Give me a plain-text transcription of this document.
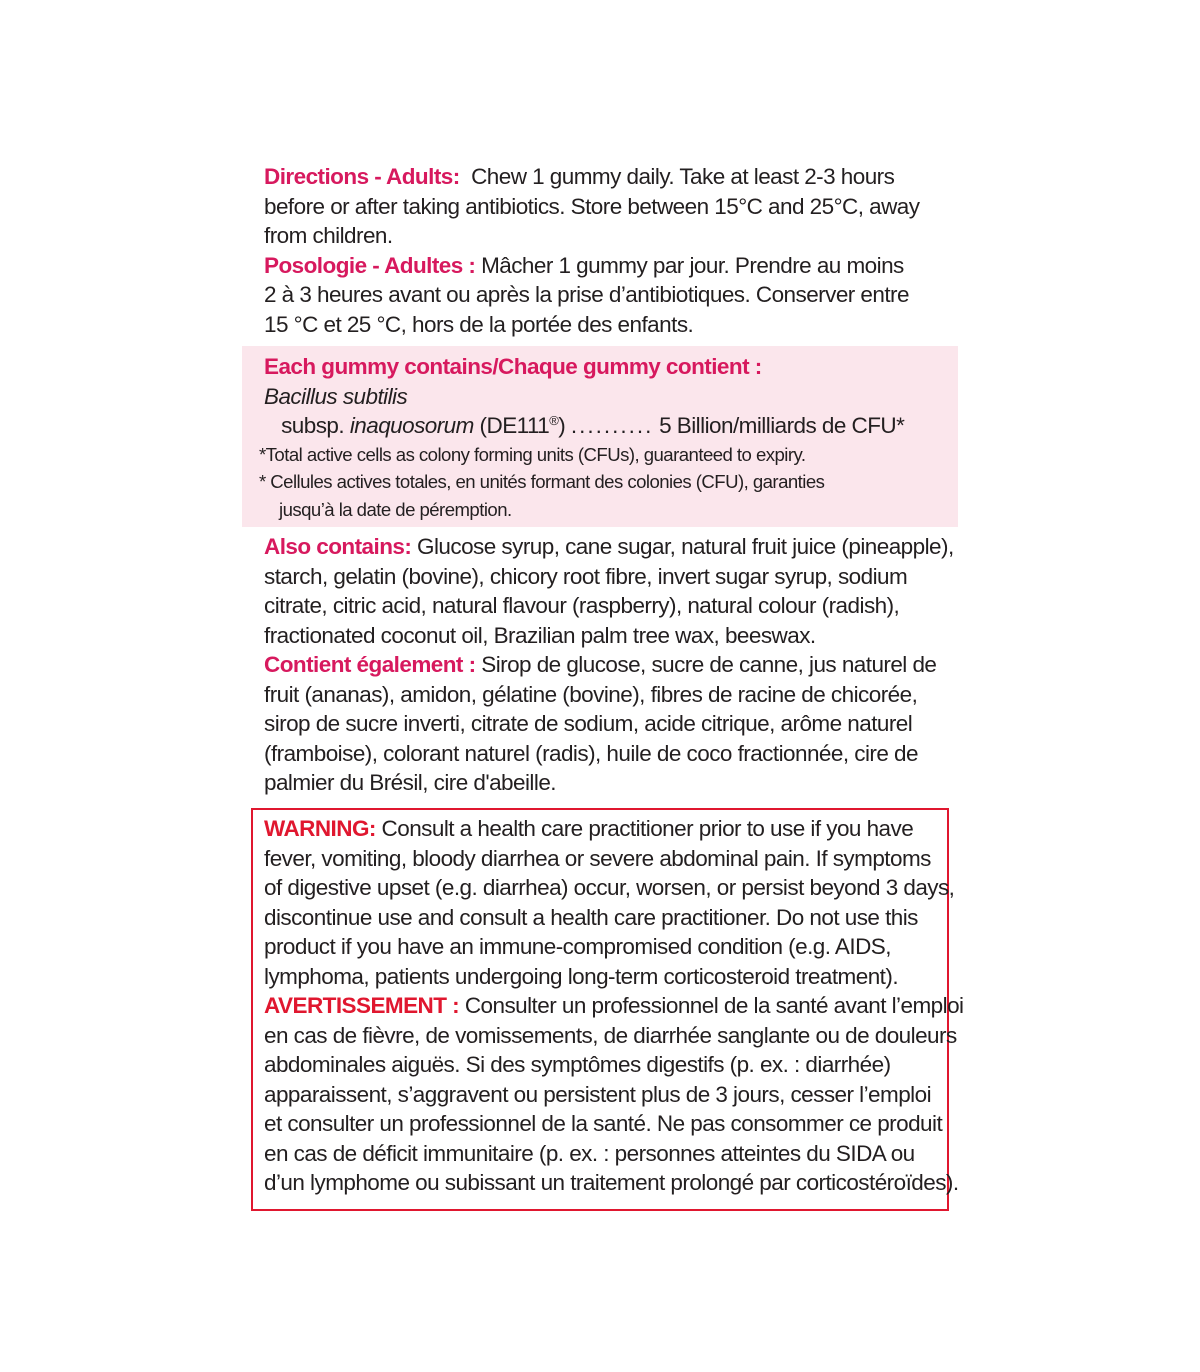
Directions - Adults: Chew 1 gummy daily. Take at least 2-3 hours
before or after taking antibiotics. Store between 15°C and 25°C, away
from children.
Posologie - Adultes : Mâcher 1 gummy par jour. Prendre au moins
2 à 3 heures avant ou après la prise d’antibiotiques. Conserver entre
15 °C et 25 °C, hors de la portée des enfants.
Each gummy contains/Chaque gummy contient :
Bacillus subtilis
subsp. inaquosorum (DE111®) .......... 5 Billion/milliards de CFU*
*Total active cells as colony forming units (CFUs), guaranteed to expiry.
* Cellules actives totales, en unités formant des colonies (CFU), garanties
jusqu’à la date de péremption.
Also contains: Glucose syrup, cane sugar, natural fruit juice (pineapple),
starch, gelatin (bovine), chicory root fibre, invert sugar syrup, sodium
citrate, citric acid, natural flavour (raspberry), natural colour (radish),
fractionated coconut oil, Brazilian palm tree wax, beeswax.
Contient également : Sirop de glucose, sucre de canne, jus naturel de
fruit (ananas), amidon, gélatine (bovine), fibres de racine de chicorée,
sirop de sucre inverti, citrate de sodium, acide citrique, arôme naturel
(framboise), colorant naturel (radis), huile de coco fractionnée, cire de
palmier du Brésil, cire d'abeille.
WARNING: Consult a health care practitioner prior to use if you have
fever, vomiting, bloody diarrhea or severe abdominal pain. If symptoms
of digestive upset (e.g. diarrhea) occur, worsen, or persist beyond 3 days,
discontinue use and consult a health care practitioner. Do not use this
product if you have an immune-compromised condition (e.g. AIDS,
lymphoma, patients undergoing long-term corticosteroid treatment).
AVERTISSEMENT : Consulter un professionnel de la santé avant l’emploi
en cas de fièvre, de vomissements, de diarrhée sanglante ou de douleurs
abdominales aiguës. Si des symptômes digestifs (p. ex. : diarrhée)
apparaissent, s’aggravent ou persistent plus de 3 jours, cesser l’emploi
et consulter un professionnel de la santé. Ne pas consommer ce produit
en cas de déficit immunitaire (p. ex. : personnes atteintes du SIDA ou
d’un lymphome ou subissant un traitement prolongé par corticostéroïdes).
